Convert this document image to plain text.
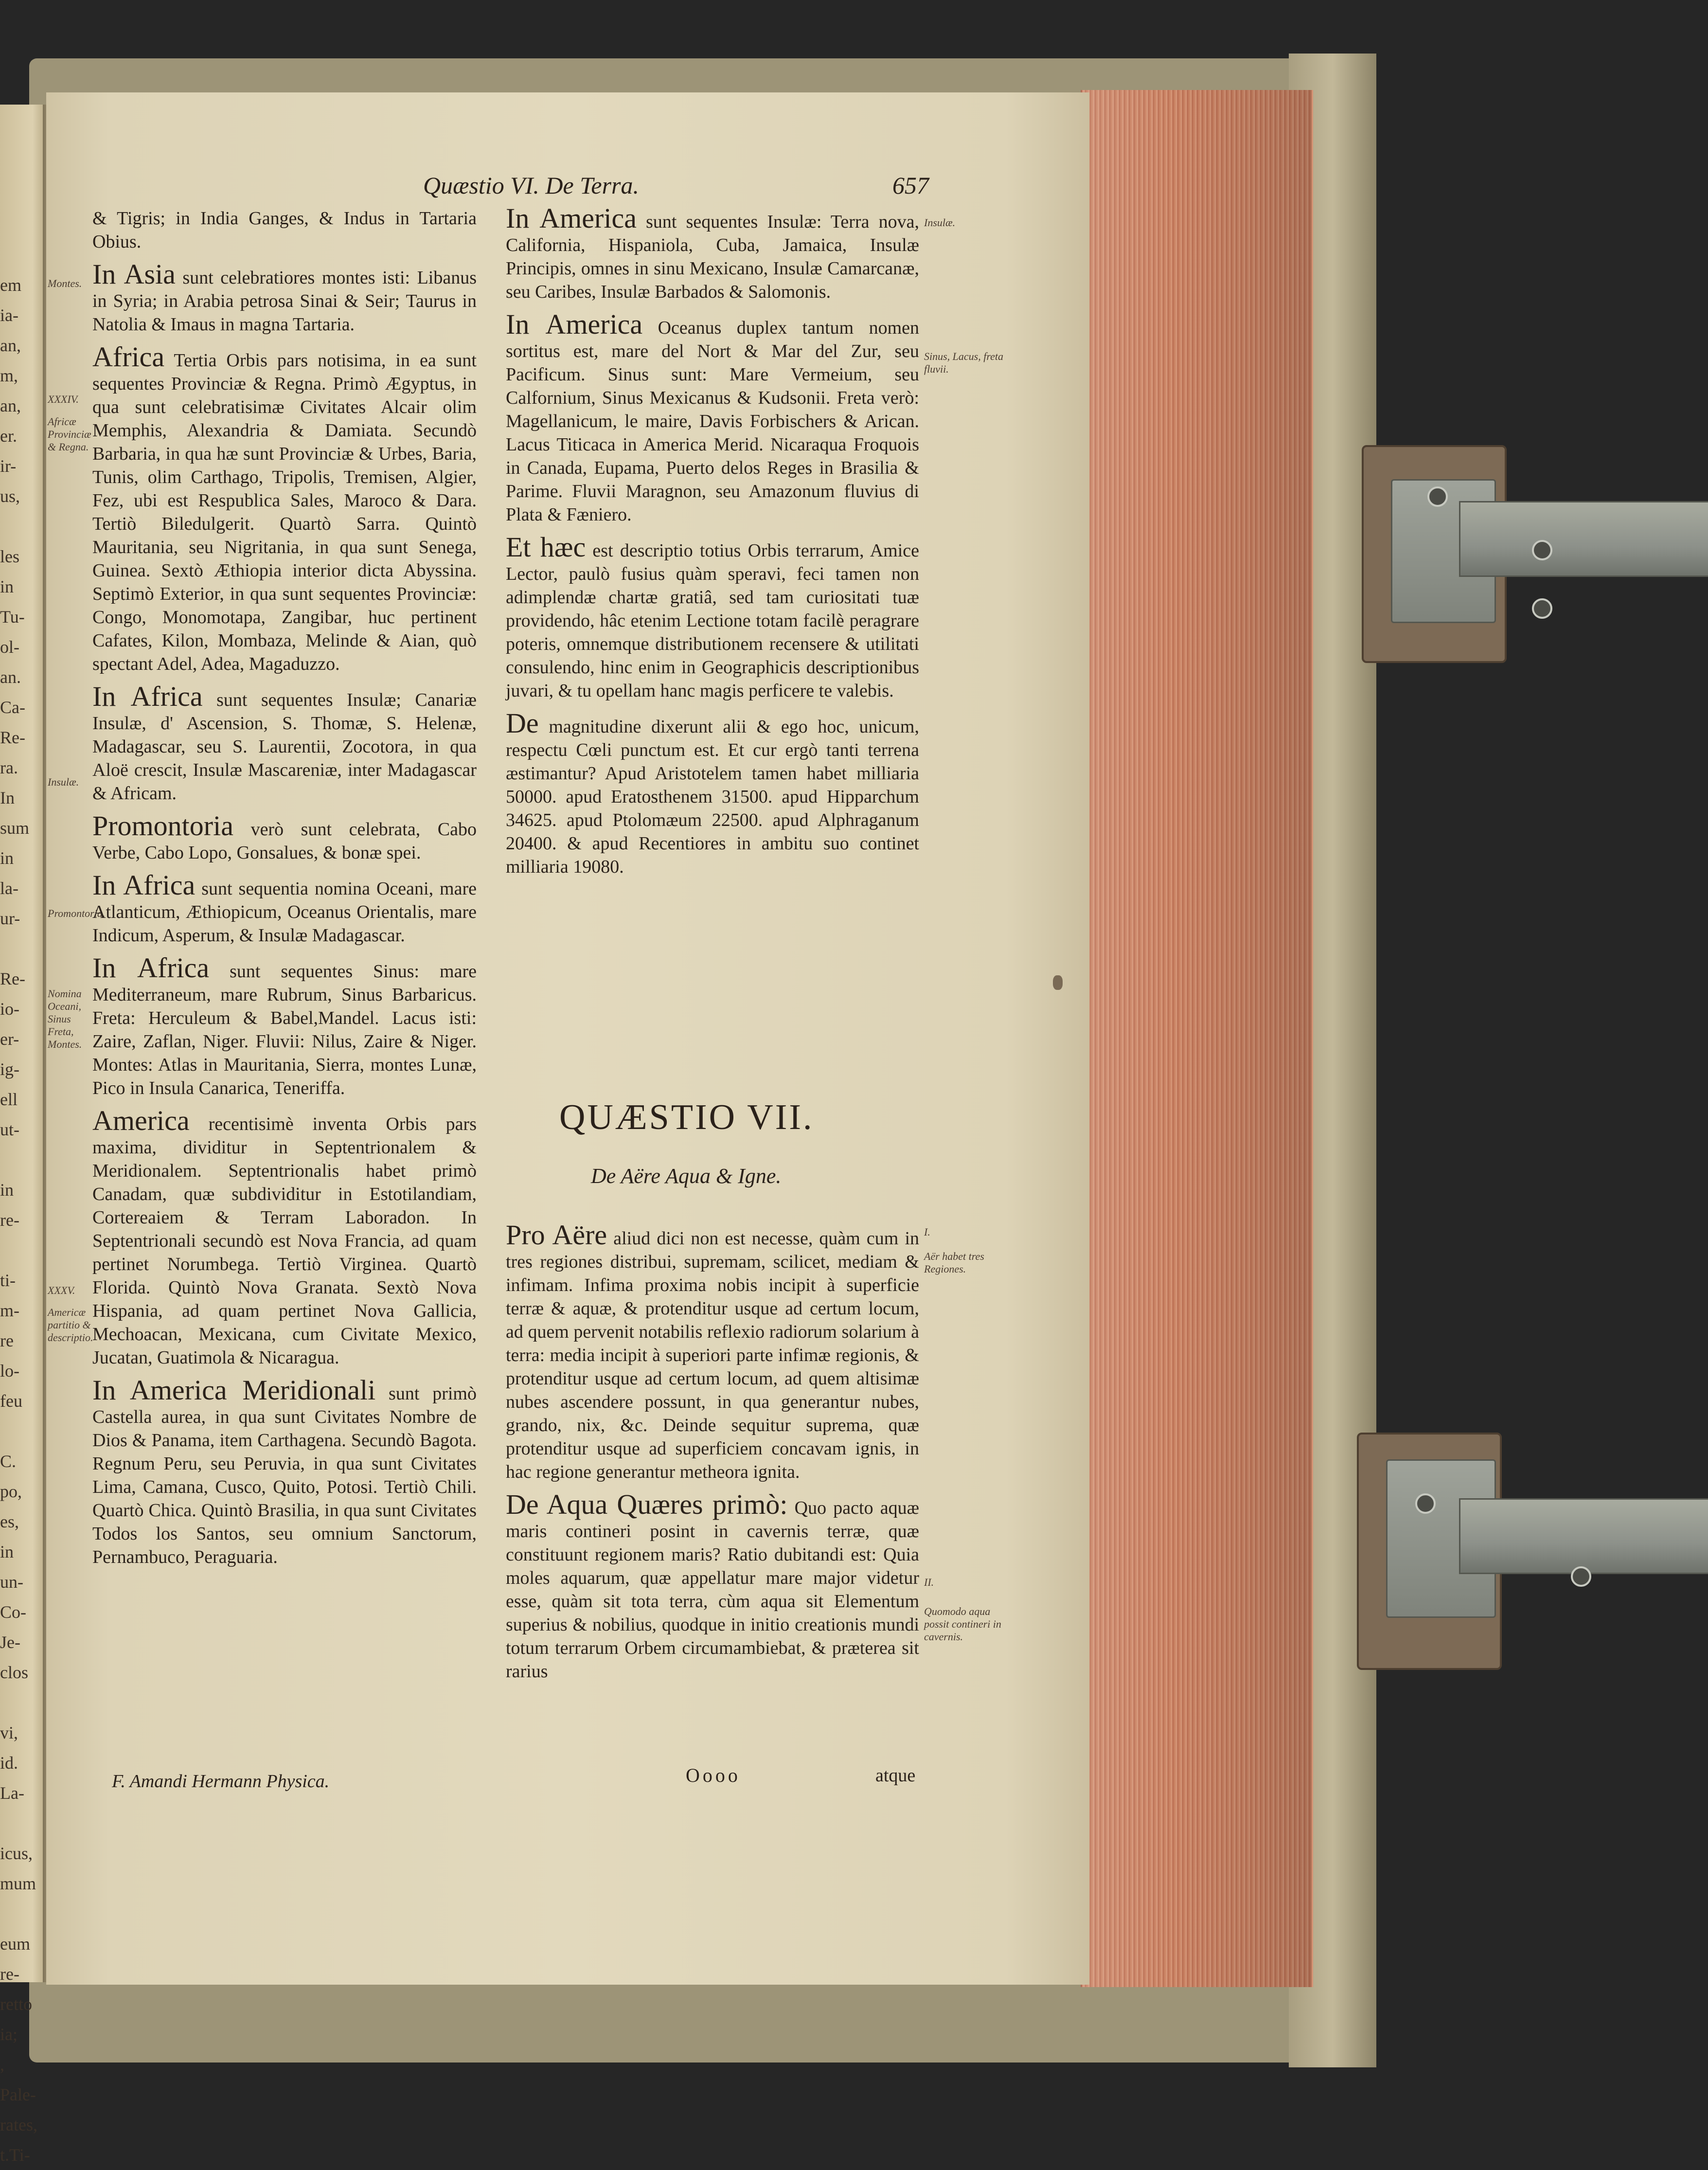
em
ia-
an,
m,
an,
er.
ir-
us,

les
in
Tu-
ol-
an.
Ca-
Re-
ra.
In
sum
in
la-
ur-

Re-
io-
er-
ig-
ell
ut-

in
re-

ti-
m-
re
lo-
feu

C.
po,
es,
in
un-
Co-
Je-
clos

vi,
id.
La-

icus,
mum

eum
re-
retto
ia;
,
Pale-
rates,
t.Ti-
Quæstio VI. De Terra.	657
Montes.
XXXIV.
Africæ Provinciæ & Regna.
Insulæ.
Promontoria.
Nomina Oceani, Sinus Freta, Montes.
XXXV.
Americæ partitio & descriptio.
Insulæ.
Sinus, Lacus, freta fluvii.
I.
Aër habet tres Regiones.
II.
Quomodo aqua possit contineri in cavernis.

& Tigris; in India Ganges, & Indus in Tartaria Obius.

In Asia sunt celebratiores montes isti: Libanus in Syria; in Arabia petrosa Sinai & Seir; Taurus in Natolia & Imaus in magna Tartaria.

Africa Tertia Orbis pars notisima, in ea sunt sequentes Provinciæ & Regna. Primò Ægyptus, in qua sunt celebratisimæ Civitates Alcair olim Memphis, Alexandria & Damiata. Secundò Barbaria, in qua hæ sunt Provinciæ & Urbes, Baria, Tunis, olim Carthago, Tripolis, Tremisen, Algier, Fez, ubi est Respublica Sales, Maroco & Dara. Tertiò Biledulgerit. Quartò Sarra. Quintò Mauritania, seu Nigritania, in qua sunt Senega, Guinea. Sextò Æthiopia interior dicta Abyssina. Septimò Exterior, in qua sunt sequentes Provinciæ: Congo, Monomotapa, Zangibar, huc pertinent Cafates, Kilon, Mombaza, Melinde & Aian, quò spectant Adel, Adea, Magaduzzo.

In Africa sunt sequentes Insulæ; Canariæ Insulæ, d' Ascension, S. Thomæ, S. Helenæ, Madagascar, seu S. Laurentii, Zocotora, in qua Aloë crescit, Insulæ Mascareniæ, inter Madagascar & Africam.

Promontoria verò sunt celebrata, Cabo Verbe, Cabo Lopo, Gonsalues, & bonæ spei.

In Africa sunt sequentia nomina Oceani, mare Atlanticum, Æthiopicum, Oceanus Orientalis, mare Indicum, Asperum, & Insulæ Madagascar.

In Africa sunt sequentes Sinus: mare Mediterraneum, mare Rubrum, Sinus Barbaricus. Freta: Herculeum & Babel,Mandel. Lacus isti: Zaire, Zaflan, Niger. Fluvii: Nilus, Zaire & Niger. Montes: Atlas in Mauritania, Sierra, montes Lunæ, Pico in Insula Canarica, Teneriffa.

America recentisimè inventa Orbis pars maxima, dividitur in Septentrionalem & Meridionalem. Septentrionalis habet primò Canadam, quæ subdividitur in Estotilandiam, Cortereaiem & Terram Laboradon. In Septentrionali secundò est Nova Francia, ad quam pertinet Norumbega. Tertiò Virginea. Quartò Florida. Quintò Nova Granata. Sextò Nova Hispania, ad quam pertinet Nova Gallicia, Mechoacan, Mexicana, cum Civitate Mexico, Jucatan, Guatimola & Nicaragua.

In America Meridionali sunt primò Castella aurea, in qua sunt Civitates Nombre de Dios & Panama, item Carthagena. Secundò Bagota. Regnum Peru, seu Peruvia, in qua sunt Civitates Lima, Camana, Cusco, Quito, Potosi. Tertiò Chili. Quartò Chica. Quintò Brasilia, in qua sunt Civitates Todos los Santos, seu omnium Sanctorum, Pernambuco, Peraguaria.

In America sunt sequentes Insulæ: Terra nova, California, Hispaniola, Cuba, Jamaica, Insulæ Principis, omnes in sinu Mexicano, Insulæ Camarcanæ, seu Caribes, Insulæ Barbados & Salomonis.

In America Oceanus duplex tantum nomen sortitus est, mare del Nort & Mar del Zur, seu Pacificum. Sinus sunt: Mare Vermeium, seu Calfornium, Sinus Mexicanus & Kudsonii. Freta verò: Magellanicum, le maire, Davis Forbischers & Arican. Lacus Titicaca in America Merid. Nicaraqua Froquois in Canada, Eupama, Puerto delos Reges in Brasilia & Parime. Fluvii Maragnon, seu Amazonum fluvius di Plata & Fæniero.

Et hæc est descriptio totius Orbis terrarum, Amice Lector, paulò fusius quàm speravi, feci tamen non adimplendæ chartæ gratiâ, sed tam curiositati tuæ providendo, hâc etenim Lectione totam facilè peragrare poteris, omnemque distributionem recensere & utilitati consulendo, hinc enim in Geographicis descriptionibus juvari, & tu opellam hanc magis perficere te valebis.

De magnitudine dixerunt alii & ego hoc, unicum, respectu Cœli punctum est. Et cur ergò tanti terrena æstimantur? Apud Aristotelem tamen habet milliaria 50000. apud Eratosthenem 31500. apud Hipparchum 34625. apud Ptolomæum 22500. apud Alphraganum 20400. & apud Recentiores in ambitu suo continet milliaria 19080.

QUÆSTIO VII.
De Aëre Aqua & Igne.

Pro Aëre aliud dici non est necesse, quàm cum in tres regiones distribui, supremam, scilicet, mediam & infimam. Infima proxima nobis incipit à superficie terræ & aquæ, & protenditur usque ad certum locum, ad quem pervenit notabilis reflexio radiorum solarium à terra: media incipit à superiori parte infimæ regionis, & protenditur usque ad certum locum, ad quem altisimæ nubes ascendere possunt, in qua generantur nubes, grando, nix, &c. Deinde sequitur suprema, quæ protenditur usque ad superficiem concavam ignis, in hac regione generantur metheora ignita.

De Aqua Quæres primò: Quo pacto aquæ maris contineri posint in cavernis terræ, quæ constituunt regionem maris? Ratio dubitandi est: Quia moles aquarum, quæ appellatur mare major videtur esse, quàm sit tota terra, cùm aqua sit Elementum superius & nobilius, quodque in initio creationis mundi totum terrarum Orbem circumambiebat, & præterea sit rarius

F. Amandi Hermann Physica.	Oooo	atque
